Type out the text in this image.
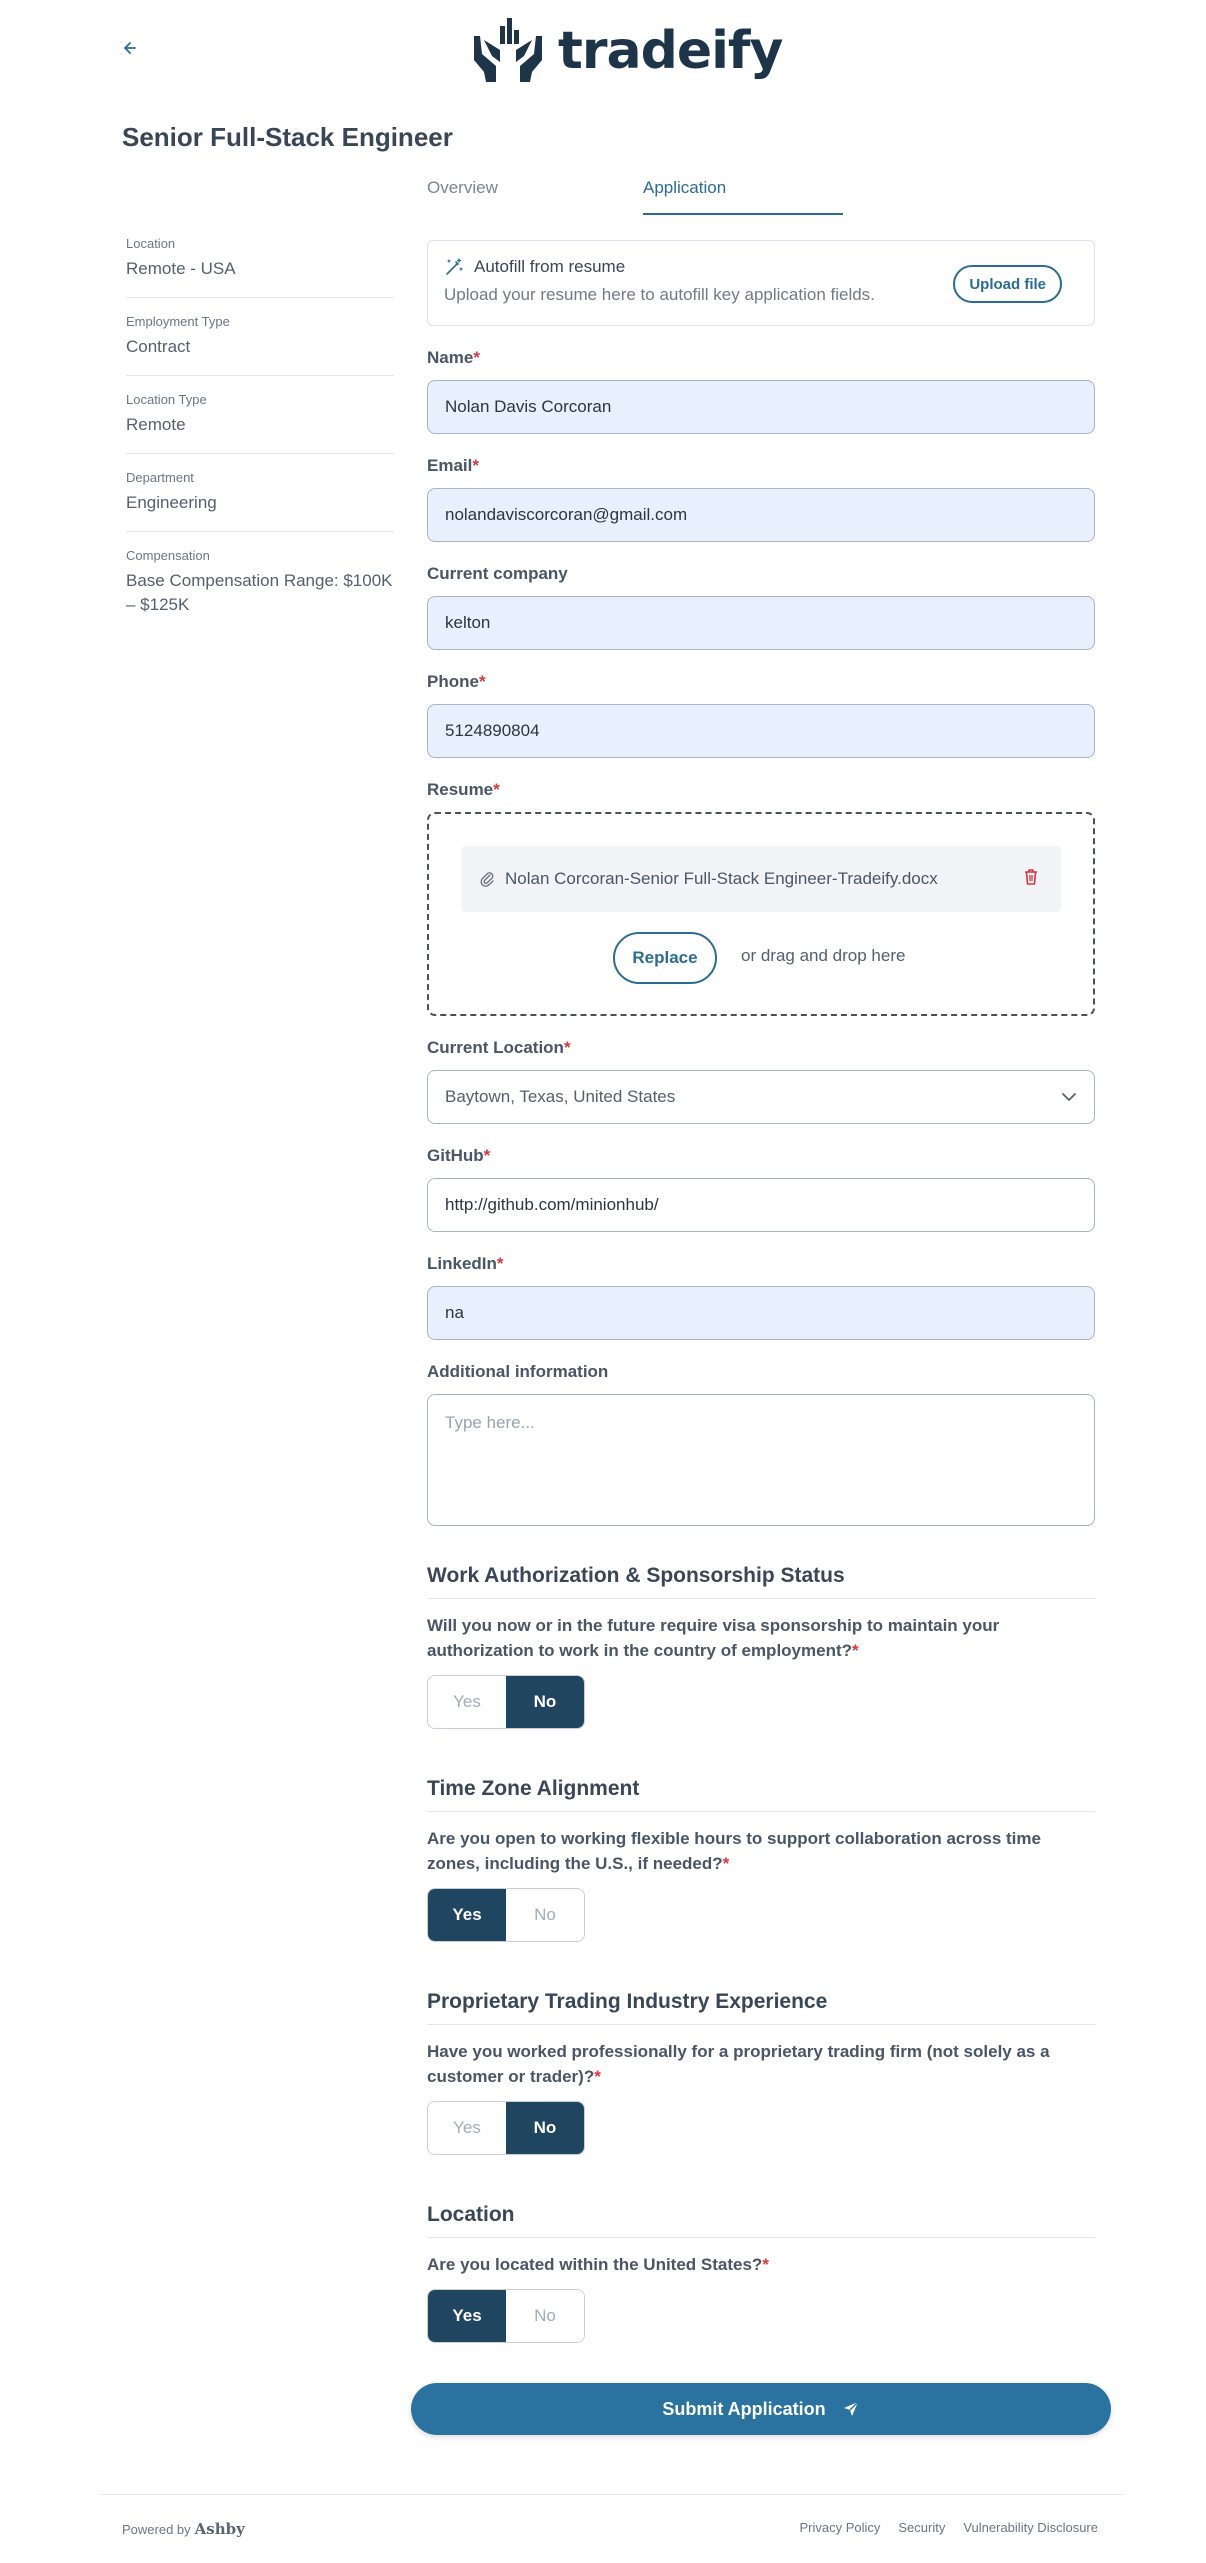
tradeify
Senior Full-Stack Engineer
Overview	Application
Location
Remote - USA
Employment Type
Contract
Location Type
Remote
Department
Engineering
Compensation
Base Compensation Range: $100K – $125K
Autofill from resume
Upload your resume here to autofill key application fields.
Upload file
Name*
Nolan Davis Corcoran
Email*
nolandaviscorcoran@gmail.com
Current company
kelton
Phone*
5124890804
Resume*
Nolan Corcoran-Senior Full-Stack Engineer-Tradeify.docx
Replace	or drag and drop here
Current Location*
Baytown, Texas, United States
GitHub*
http://github.com/minionhub/
LinkedIn*
na
Additional information
Type here...
Work Authorization & Sponsorship Status
Will you now or in the future require visa sponsorship to maintain your authorization to work in the country of employment?*
Yes	No
Time Zone Alignment
Are you open to working flexible hours to support collaboration across time zones, including the U.S., if needed?*
Yes	No
Proprietary Trading Industry Experience
Have you worked professionally for a proprietary trading firm (not solely as a customer or trader)?*
Yes	No
Location
Are you located within the United States?*
Yes	No
Submit Application
Powered by Ashby	Privacy Policy Security Vulnerability Disclosure
